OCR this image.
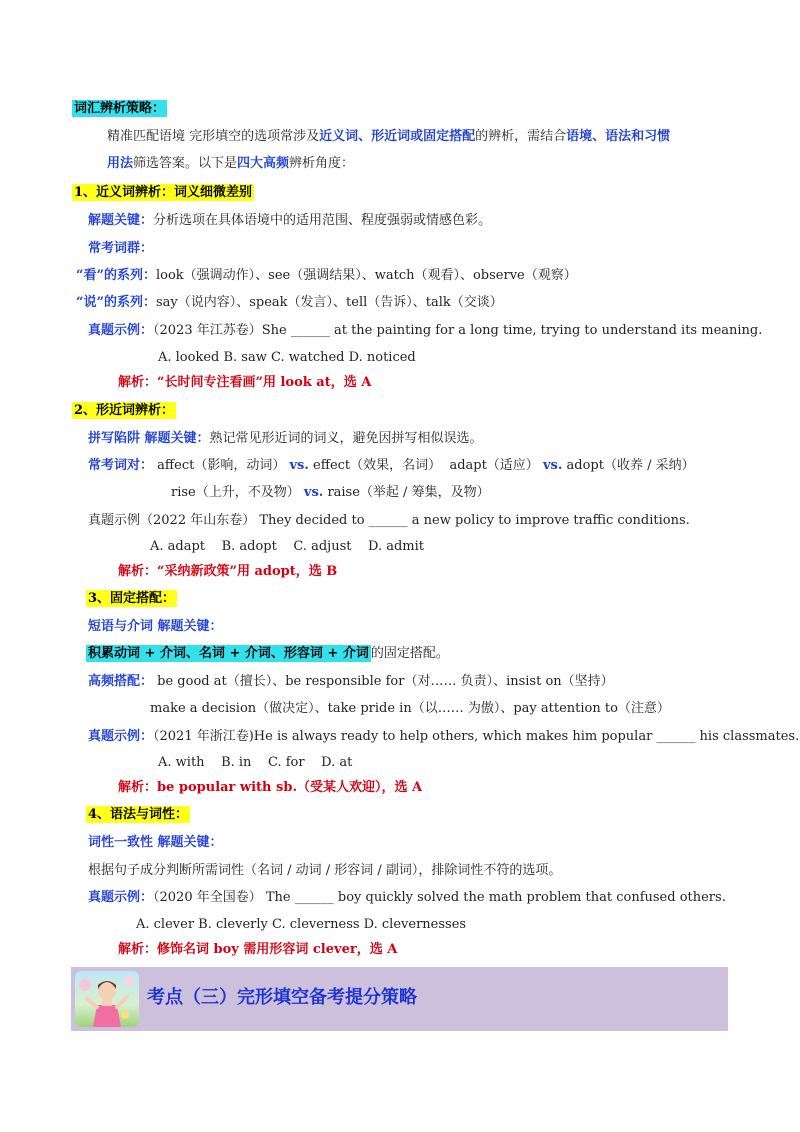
词汇辨析策略：
精准匹配语境 完形填空的选项常涉及近义词、形近词或固定搭配的辨析，需结合语境、语法和习惯
用法筛选答案。以下是四大高频辨析角度：
1、近义词辨析：词义细微差别
解题关键：分析选项在具体语境中的适用范围、程度强弱或情感色彩。
常考词群：
“看”的系列：look（强调动作）、see（强调结果）、watch（观看）、observe（观察）
“说”的系列：say（说内容）、speak（发言）、tell（告诉）、talk（交谈）
真题示例：（2023 年江苏卷）She ______ at the painting for a long time, trying to understand its meaning.
A. looked B. saw C. watched D. noticed
解析：“长时间专注看画”用 look at，选 A
2、形近词辨析：
拼写陷阱 解题关键：熟记常见形近词的词义，避免因拼写相似误选。
常考词对： affect（影响，动词） vs. effect（效果，名词） adapt（适应） vs. adopt（收养 / 采纳）
rise（上升，不及物） vs. raise（举起 / 筹集，及物）
真题示例（2022 年山东卷） They decided to ______ a new policy to improve traffic conditions.
A. adapt B. adopt C. adjust D. admit
解析：“采纳新政策”用 adopt，选 B
3、固定搭配：
短语与介词 解题关键：
积累动词 + 介词、名词 + 介词、形容词 + 介词 的固定搭配。
高频搭配： be good at（擅长）、be responsible for（对…… 负责）、insist on（坚持）
make a decision（做决定）、take pride in（以…… 为傲）、pay attention to（注意）
真题示例：（2021 年浙江卷)He is always ready to help others, which makes him popular ______ his classmates.
A. with B. in C. for D. at
解析：be popular with sb.（受某人欢迎），选 A
4、语法与词性：
词性一致性 解题关键：
根据句子成分判断所需词性（名词 / 动词 / 形容词 / 副词），排除词性不符的选项。
真题示例：（2020 年全国卷） The ______ boy quickly solved the math problem that confused others.
A. clever B. cleverly C. cleverness D. clevernesses
解析：修饰名词 boy 需用形容词 clever，选 A
考点（三）完形填空备考提分策略
